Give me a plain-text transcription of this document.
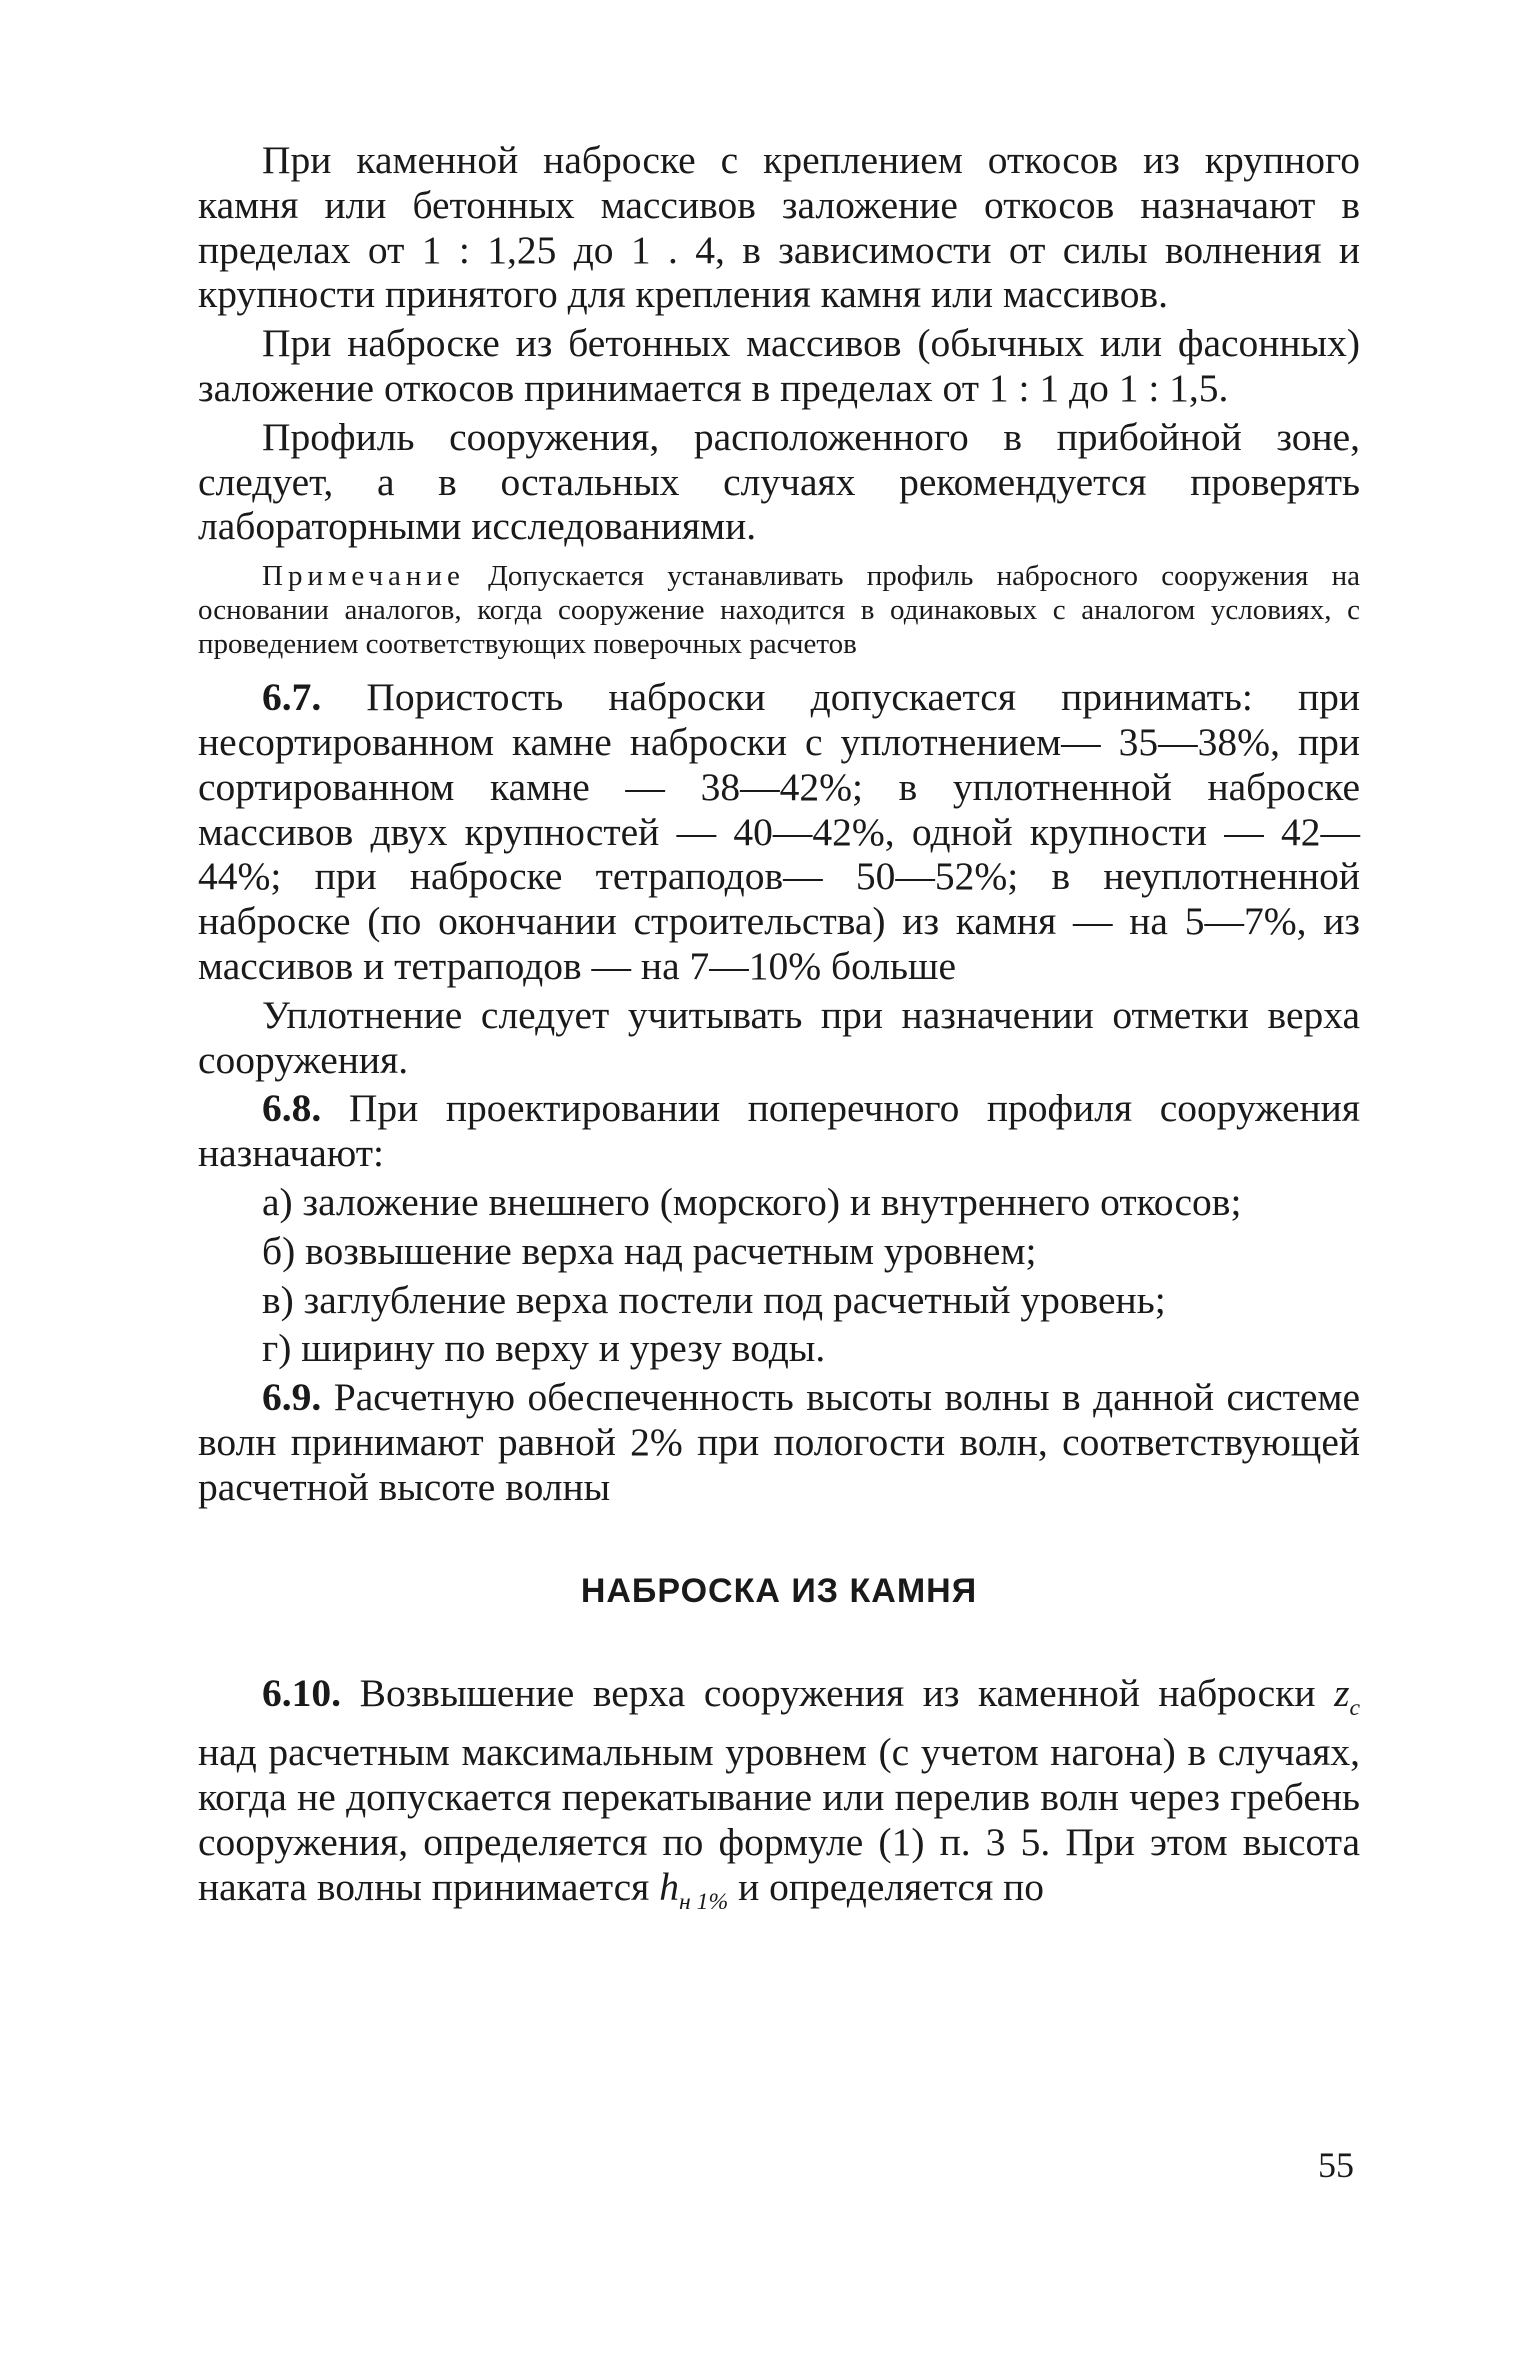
При каменной наброске с креплением откосов из крупного камня или бетонных массивов заложение откосов назначают в пределах от 1 : 1,25 до 1 . 4, в зависимости от силы волнения и крупности принятого для крепления камня или массивов.

При наброске из бетонных массивов (обычных или фасонных) заложение откосов принимается в пределах от 1 : 1 до 1 : 1,5.

Профиль сооружения, расположенного в прибойной зоне, следует, а в остальных случаях рекомендуется проверять лабораторными исследованиями.

Примечание Допускается устанавливать профиль набросного сооружения на основании аналогов, когда сооружение находится в одинаковых с аналогом условиях, с проведением соответствующих поверочных расчетов

6.7. Пористость наброски допускается принимать: при несортированном камне наброски с уплотнением— 35—38%, при сортированном камне — 38—42%; в уплотненной наброске массивов двух крупностей — 40—42%, одной крупности — 42—44%; при наброске тетраподов— 50—52%; в неуплотненной наброске (по окончании строительства) из камня — на 5—7%, из массивов и тетраподов — на 7—10% больше

Уплотнение следует учитывать при назначении отметки верха сооружения.

6.8. При проектировании поперечного профиля сооружения назначают:

а) заложение внешнего (морского) и внутреннего откосов;

б) возвышение верха над расчетным уровнем;

в) заглубление верха постели под расчетный уровень;

г) ширину по верху и урезу воды.

6.9. Расчетную обеспеченность высоты волны в данной системе волн принимают равной 2% при пологости волн, соответствующей расчетной высоте волны

НАБРОСКА ИЗ КАМНЯ

6.10. Возвышение верха сооружения из каменной наброски $z_с$ над расчетным максимальным уровнем (с учетом нагона) в случаях, когда не допускается перекатывание или перелив волн через гребень сооружения, определяется по формуле (1) п. 3 5. При этом высота наката волны принимается $h_{н 1\%}$ и определяется по

55
